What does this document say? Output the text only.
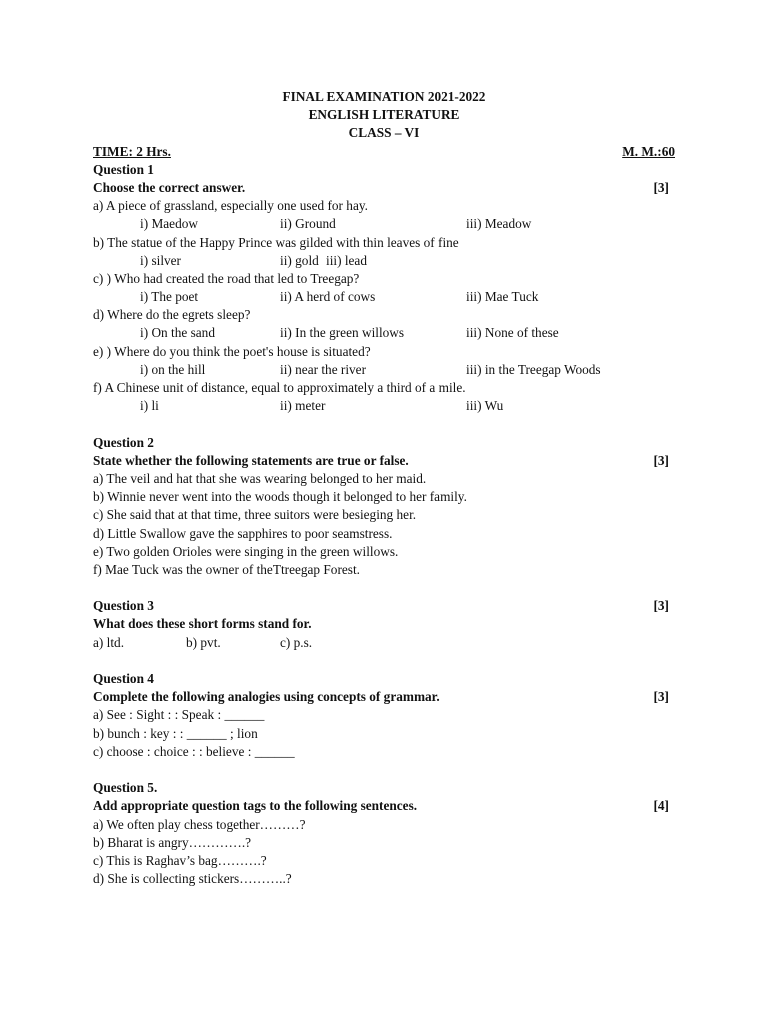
FINAL EXAMINATION 2021-2022
ENGLISH LITERATURE
CLASS – VI
TIME: 2 Hrs.	M. M.:60
Question 1
Choose the correct answer.	[3]
a) A piece of grassland, especially one used for hay.
i) Maedow	ii) Ground	iii) Meadow
b) The statue of the Happy Prince was gilded with thin leaves of fine
i) silver	ii) gold iii) lead
c) ) Who had created the road that led to Treegap?
i) The poet	ii) A herd of cows	iii) Mae Tuck
d) Where do the egrets sleep?
i) On the sand	ii) In the green willows	iii) None of these
e) ) Where do you think the poet's house is situated?
i) on the hill	ii) near the river	iii) in the Treegap Woods
f) A Chinese unit of distance, equal to approximately a third of a mile.
i) li	ii) meter	iii) Wu
Question 2
State whether the following statements are true or false.	[3]
a) The veil and hat that she was wearing belonged to her maid.
b) Winnie never went into the woods though it belonged to her family.
c) She said that at that time, three suitors were besieging her.
d) Little Swallow gave the sapphires to poor seamstress.
e) Two golden Orioles were singing in the green willows.
f) Mae Tuck was the owner of theTtreegap Forest.
Question 3	[3]
What does these short forms stand for.
a) ltd.	b) pvt.	c) p.s.
Question 4
Complete the following analogies using concepts of grammar.	[3]
a) See : Sight : : Speak : ______
b) bunch : key : : ______ ; lion
c) choose : choice : : believe : ______
Question 5.
Add appropriate question tags to the following sentences.	[4]
a) We often play chess together………?
b) Bharat is angry………….?
c) This is Raghav’s bag……….?
d) She is collecting stickers………..?
